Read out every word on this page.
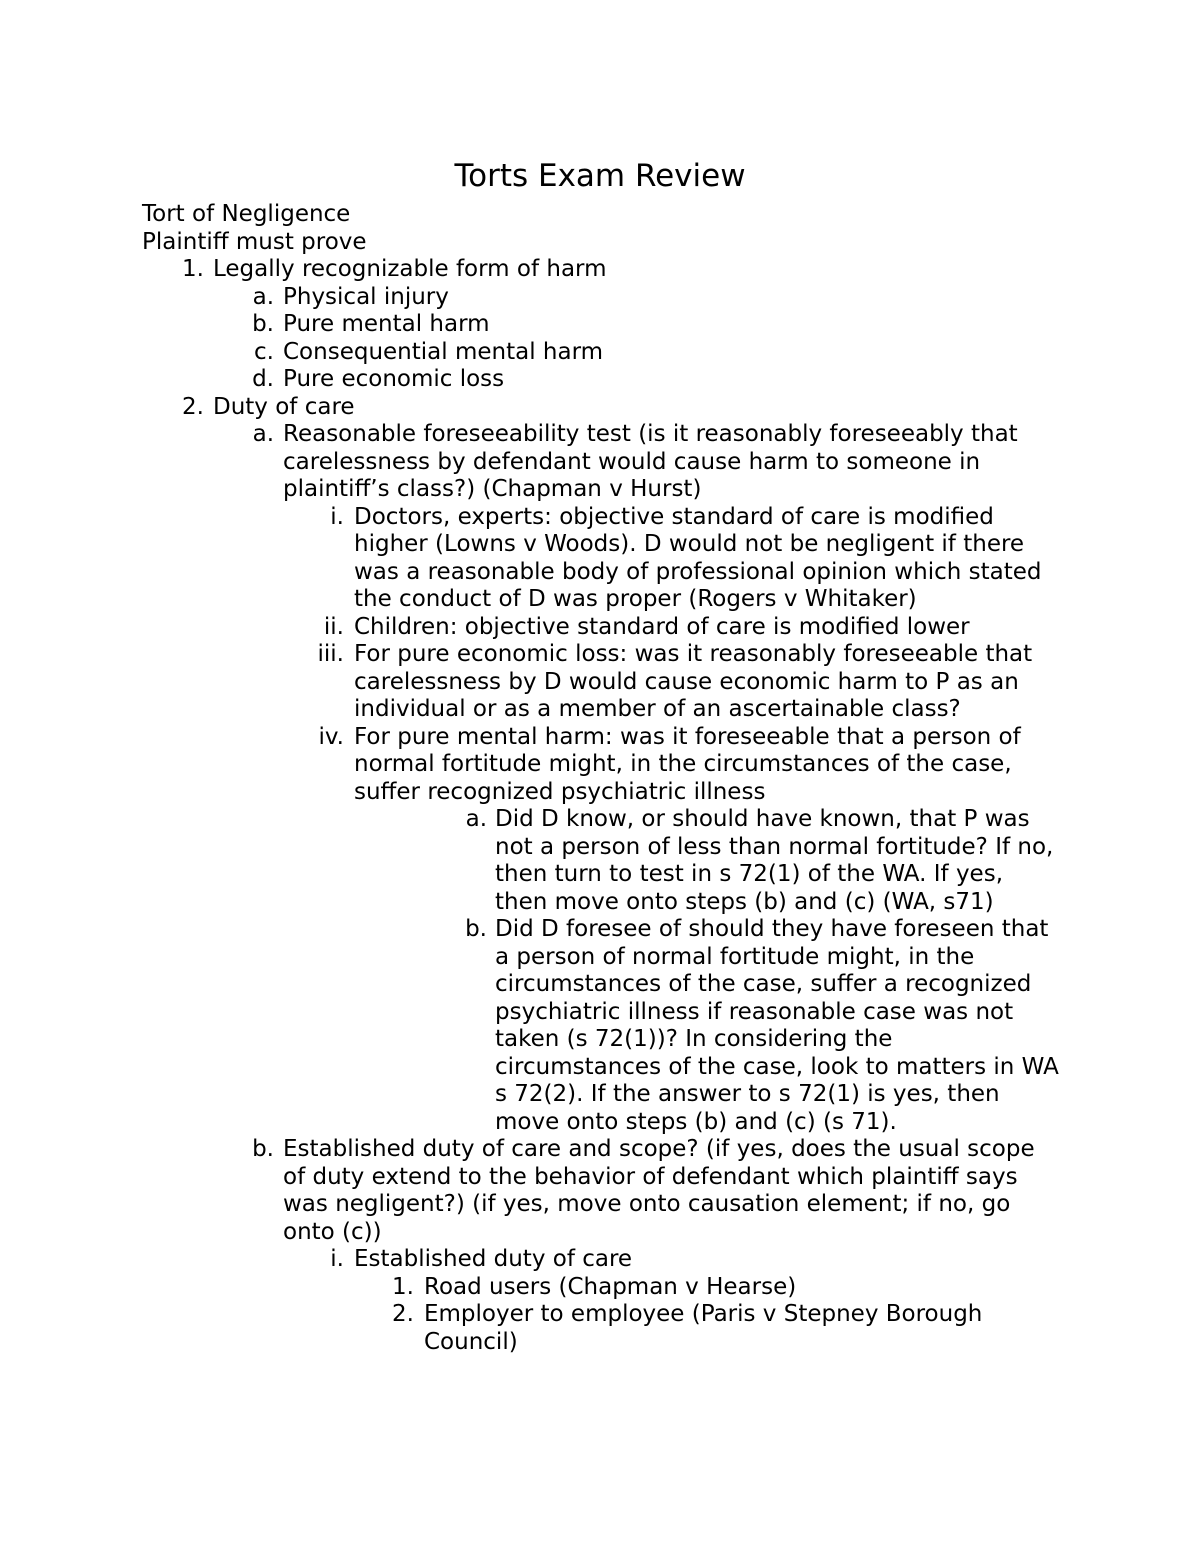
Torts Exam Review

Tort of Negligence

Plaintiff must prove

1. Legally recognizable form of harm
a. Physical injury
b. Pure mental harm
c. Consequential mental harm
d. Pure economic loss
2. Duty of care
a. Reasonable foreseeability test (is it reasonably foreseeably that carelessness by defendant would cause harm to someone in plaintiff’s class?) (Chapman v Hurst)
i. Doctors, experts: objective standard of care is modified higher (Lowns v Woods). D would not be negligent if there was a reasonable body of professional opinion which stated the conduct of D was proper (Rogers v Whitaker)
ii. Children: objective standard of care is modified lower
iii. For pure economic loss: was it reasonably foreseeable that carelessness by D would cause economic harm to P as an individual or as a member of an ascertainable class?
iv. For pure mental harm: was it foreseeable that a person of normal fortitude might, in the circumstances of the case, suffer recognized psychiatric illness
a. Did D know, or should have known, that P was not a person of less than normal fortitude? If no, then turn to test in s 72(1) of the WA. If yes, then move onto steps (b) and (c) (WA, s71)
b. Did D foresee of should they have foreseen that a person of normal fortitude might, in the circumstances of the case, suffer a recognized psychiatric illness if reasonable case was not taken (s 72(1))? In considering the circumstances of the case, look to matters in WA s 72(2). If the answer to s 72(1) is yes, then move onto steps (b) and (c) (s 71).
b. Established duty of care and scope? (if yes, does the usual scope of duty extend to the behavior of defendant which plaintiff says was negligent?) (if yes, move onto causation element; if no, go onto (c))
i. Established duty of care
1. Road users (Chapman v Hearse)
2. Employer to employee (Paris v Stepney Borough Council)
